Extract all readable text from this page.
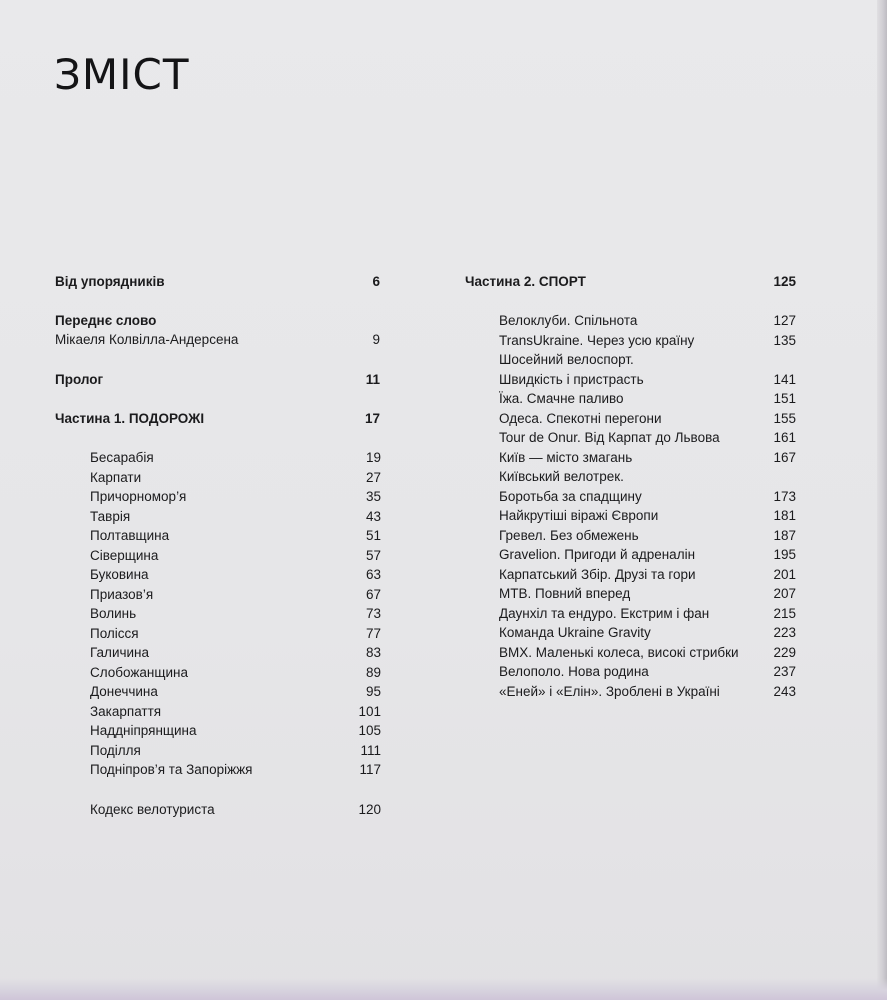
ЗМІСТ
Від упорядників	6
Переднє слово
Мікаеля Колвілла-Андерсена	9
Пролог	11
Частина 1. ПОДОРОЖІ	17
Бесарабія	19
Карпати	27
Причорномор’я	35
Таврія	43
Полтавщина	51
Сіверщина	57
Буковина	63
Приазов’я	67
Волинь	73
Полісся	77
Галичина	83
Слобожанщина	89
Донеччина	95
Закарпаття	101
Наддніпрянщина	105
Поділля	111
Подніпров’я та Запоріжжя	117
Кодекс велотуриста	120
Частина 2. СПОРТ	125
Велоклуби. Спільнота	127
TransUkraine. Через усю країну	135
Шосейний велоспорт.
Швидкість і пристрасть	141
Їжа. Смачне паливо	151
Одеса. Спекотні перегони	155
Tour de Onur. Від Карпат до Львова	161
Київ — місто змагань	167
Київський велотрек.
Боротьба за спадщину	173
Найкрутіші віражі Європи	181
Гревел. Без обмежень	187
Gravelion. Пригоди й адреналін	195
Карпатський Збір. Друзі та гори	201
МТВ. Повний вперед	207
Даунхіл та ендуро. Екстрим і фан	215
Команда Ukraine Gravity	223
ВМХ. Маленькі колеса, високі стрибки	229
Велополо. Нова родина	237
«Еней» і «Елін». Зроблені в Україні	243
